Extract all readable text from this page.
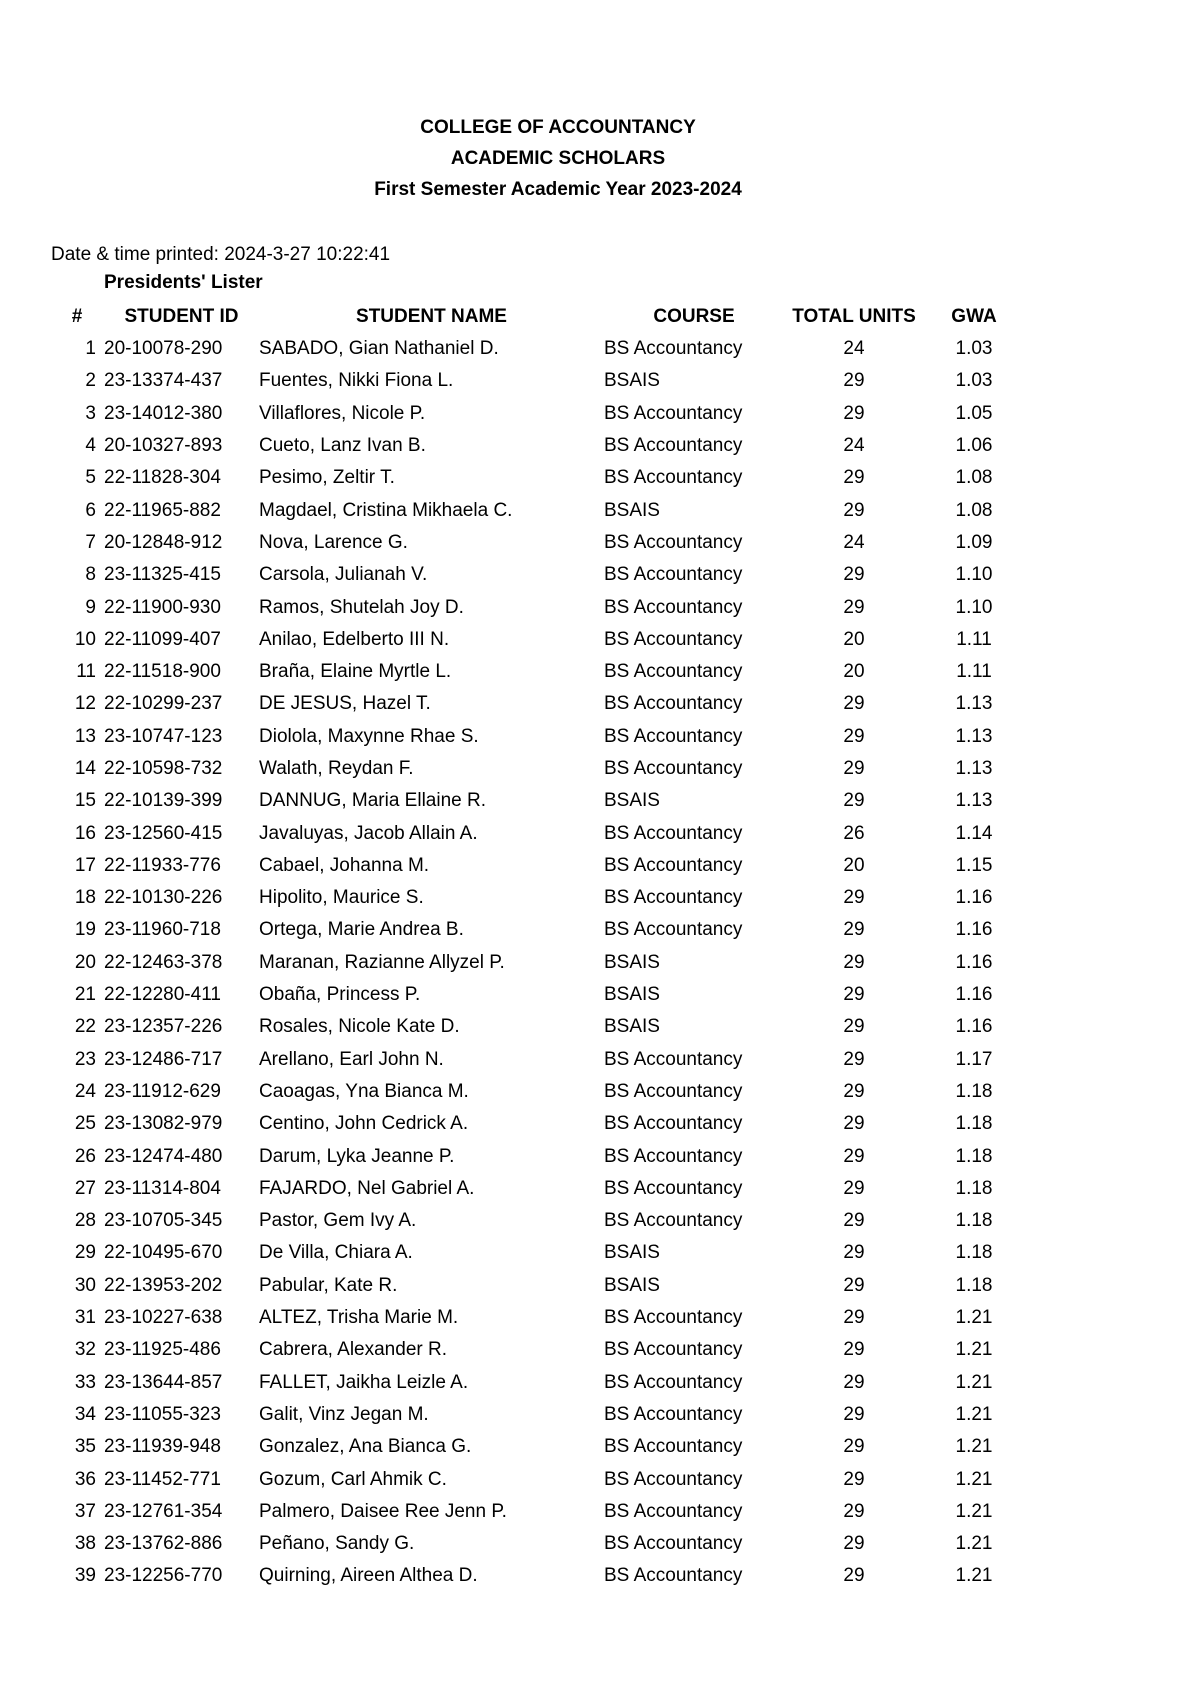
COLLEGE OF ACCOUNTANCY
ACADEMIC SCHOLARS
First Semester Academic Year 2023-2024
Date & time printed: 2024-3-27 10:22:41
Presidents' Lister
#	STUDENT ID	STUDENT NAME	COURSE	TOTAL UNITS	GWA
1	20-10078-290	SABADO, Gian Nathaniel D.	BS Accountancy	24	1.03
2	23-13374-437	Fuentes, Nikki Fiona L.	BSAIS	29	1.03
3	23-14012-380	Villaflores, Nicole P.	BS Accountancy	29	1.05
4	20-10327-893	Cueto, Lanz Ivan B.	BS Accountancy	24	1.06
5	22-11828-304	Pesimo, Zeltir T.	BS Accountancy	29	1.08
6	22-11965-882	Magdael, Cristina Mikhaela C.	BSAIS	29	1.08
7	20-12848-912	Nova, Larence G.	BS Accountancy	24	1.09
8	23-11325-415	Carsola, Julianah V.	BS Accountancy	29	1.10
9	22-11900-930	Ramos, Shutelah Joy D.	BS Accountancy	29	1.10
10	22-11099-407	Anilao, Edelberto III N.	BS Accountancy	20	1.11
11	22-11518-900	Braña, Elaine Myrtle L.	BS Accountancy	20	1.11
12	22-10299-237	DE JESUS, Hazel T.	BS Accountancy	29	1.13
13	23-10747-123	Diolola, Maxynne Rhae S.	BS Accountancy	29	1.13
14	22-10598-732	Walath, Reydan F.	BS Accountancy	29	1.13
15	22-10139-399	DANNUG, Maria Ellaine R.	BSAIS	29	1.13
16	23-12560-415	Javaluyas, Jacob Allain A.	BS Accountancy	26	1.14
17	22-11933-776	Cabael, Johanna M.	BS Accountancy	20	1.15
18	22-10130-226	Hipolito, Maurice S.	BS Accountancy	29	1.16
19	23-11960-718	Ortega, Marie Andrea B.	BS Accountancy	29	1.16
20	22-12463-378	Maranan, Razianne Allyzel P.	BSAIS	29	1.16
21	22-12280-411	Obaña, Princess P.	BSAIS	29	1.16
22	23-12357-226	Rosales, Nicole Kate D.	BSAIS	29	1.16
23	23-12486-717	Arellano, Earl John N.	BS Accountancy	29	1.17
24	23-11912-629	Caoagas, Yna Bianca M.	BS Accountancy	29	1.18
25	23-13082-979	Centino, John Cedrick A.	BS Accountancy	29	1.18
26	23-12474-480	Darum, Lyka Jeanne P.	BS Accountancy	29	1.18
27	23-11314-804	FAJARDO, Nel Gabriel A.	BS Accountancy	29	1.18
28	23-10705-345	Pastor, Gem Ivy A.	BS Accountancy	29	1.18
29	22-10495-670	De Villa, Chiara A.	BSAIS	29	1.18
30	22-13953-202	Pabular, Kate R.	BSAIS	29	1.18
31	23-10227-638	ALTEZ, Trisha Marie M.	BS Accountancy	29	1.21
32	23-11925-486	Cabrera, Alexander R.	BS Accountancy	29	1.21
33	23-13644-857	FALLET, Jaikha Leizle A.	BS Accountancy	29	1.21
34	23-11055-323	Galit, Vinz Jegan M.	BS Accountancy	29	1.21
35	23-11939-948	Gonzalez, Ana Bianca G.	BS Accountancy	29	1.21
36	23-11452-771	Gozum, Carl Ahmik C.	BS Accountancy	29	1.21
37	23-12761-354	Palmero, Daisee Ree Jenn P.	BS Accountancy	29	1.21
38	23-13762-886	Peñano, Sandy G.	BS Accountancy	29	1.21
39	23-12256-770	Quirning, Aireen Althea D.	BS Accountancy	29	1.21
